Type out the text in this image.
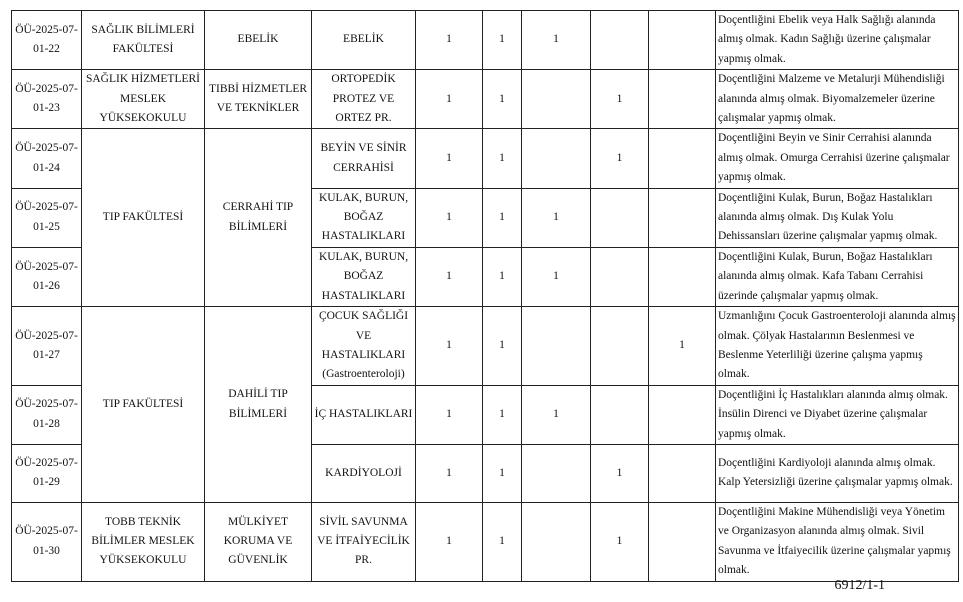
ÖÜ-2025-07-01-22	SAĞLIK BİLİMLERİ FAKÜLTESİ	EBELİK	EBELİK	1	1	1			Doçentliğini Ebelik veya Halk Sağlığı alanında almış olmak. Kadın Sağlığı üzerine çalışmalar yapmış olmak.
ÖÜ-2025-07-01-23	SAĞLIK HİZMETLERİ MESLEK YÜKSEKOKULU	TIBBİ HİZMETLER VE TEKNİKLER	ORTOPEDİK PROTEZ VE ORTEZ PR.	1	1		1		Doçentliğini Malzeme ve Metalurji Mühendisliği alanında almış olmak. Biyomalzemeler üzerine çalışmalar yapmış olmak.
ÖÜ-2025-07-01-24	TIP FAKÜLTESİ	CERRAHİ TIP BİLİMLERİ	BEYİN VE SİNİR CERRAHİSİ	1	1		1		Doçentliğini Beyin ve Sinir Cerrahisi alanında almış olmak. Omurga Cerrahisi üzerine çalışmalar yapmış olmak.
ÖÜ-2025-07-01-25			KULAK, BURUN, BOĞAZ HASTALIKLARI	1	1	1			Doçentliğini Kulak, Burun, Boğaz Hastalıkları alanında almış olmak. Dış Kulak Yolu Dehissansları üzerine çalışmalar yapmış olmak.
ÖÜ-2025-07-01-26			KULAK, BURUN, BOĞAZ HASTALIKLARI	1	1	1			Doçentliğini Kulak, Burun, Boğaz Hastalıkları alanında almış olmak. Kafa Tabanı Cerrahisi üzerinde çalışmalar yapmış olmak.
ÖÜ-2025-07-01-27	TIP FAKÜLTESİ	DAHİLİ TIP BİLİMLERİ	ÇOCUK SAĞLIĞI VE HASTALIKLARI (Gastroenteroloji)	1	1			1	Uzmanlığını Çocuk Gastroenteroloji alanında almış olmak. Çölyak Hastalarının Beslenmesi ve Beslenme Yeterliliği üzerine çalışma yapmış olmak.
ÖÜ-2025-07-01-28			İÇ HASTALIKLARI	1	1	1			Doçentliğini İç Hastalıkları alanında almış olmak. İnsülin Direnci ve Diyabet üzerine çalışmalar yapmış olmak.
ÖÜ-2025-07-01-29			KARDİYOLOJİ	1	1		1		Doçentliğini Kardiyoloji alanında almış olmak. Kalp Yetersizliği üzerine çalışmalar yapmış olmak.
ÖÜ-2025-07-01-30	TOBB TEKNİK BİLİMLER MESLEK YÜKSEKOKULU	MÜLKİYET KORUMA VE GÜVENLİK	SİVİL SAVUNMA VE İTFAİYECİLİK PR.	1	1		1		Doçentliğini Makine Mühendisliği veya Yönetim ve Organizasyon alanında almış olmak. Sivil Savunma ve İtfaiyecilik üzerine çalışmalar yapmış olmak.
6912/1-1
